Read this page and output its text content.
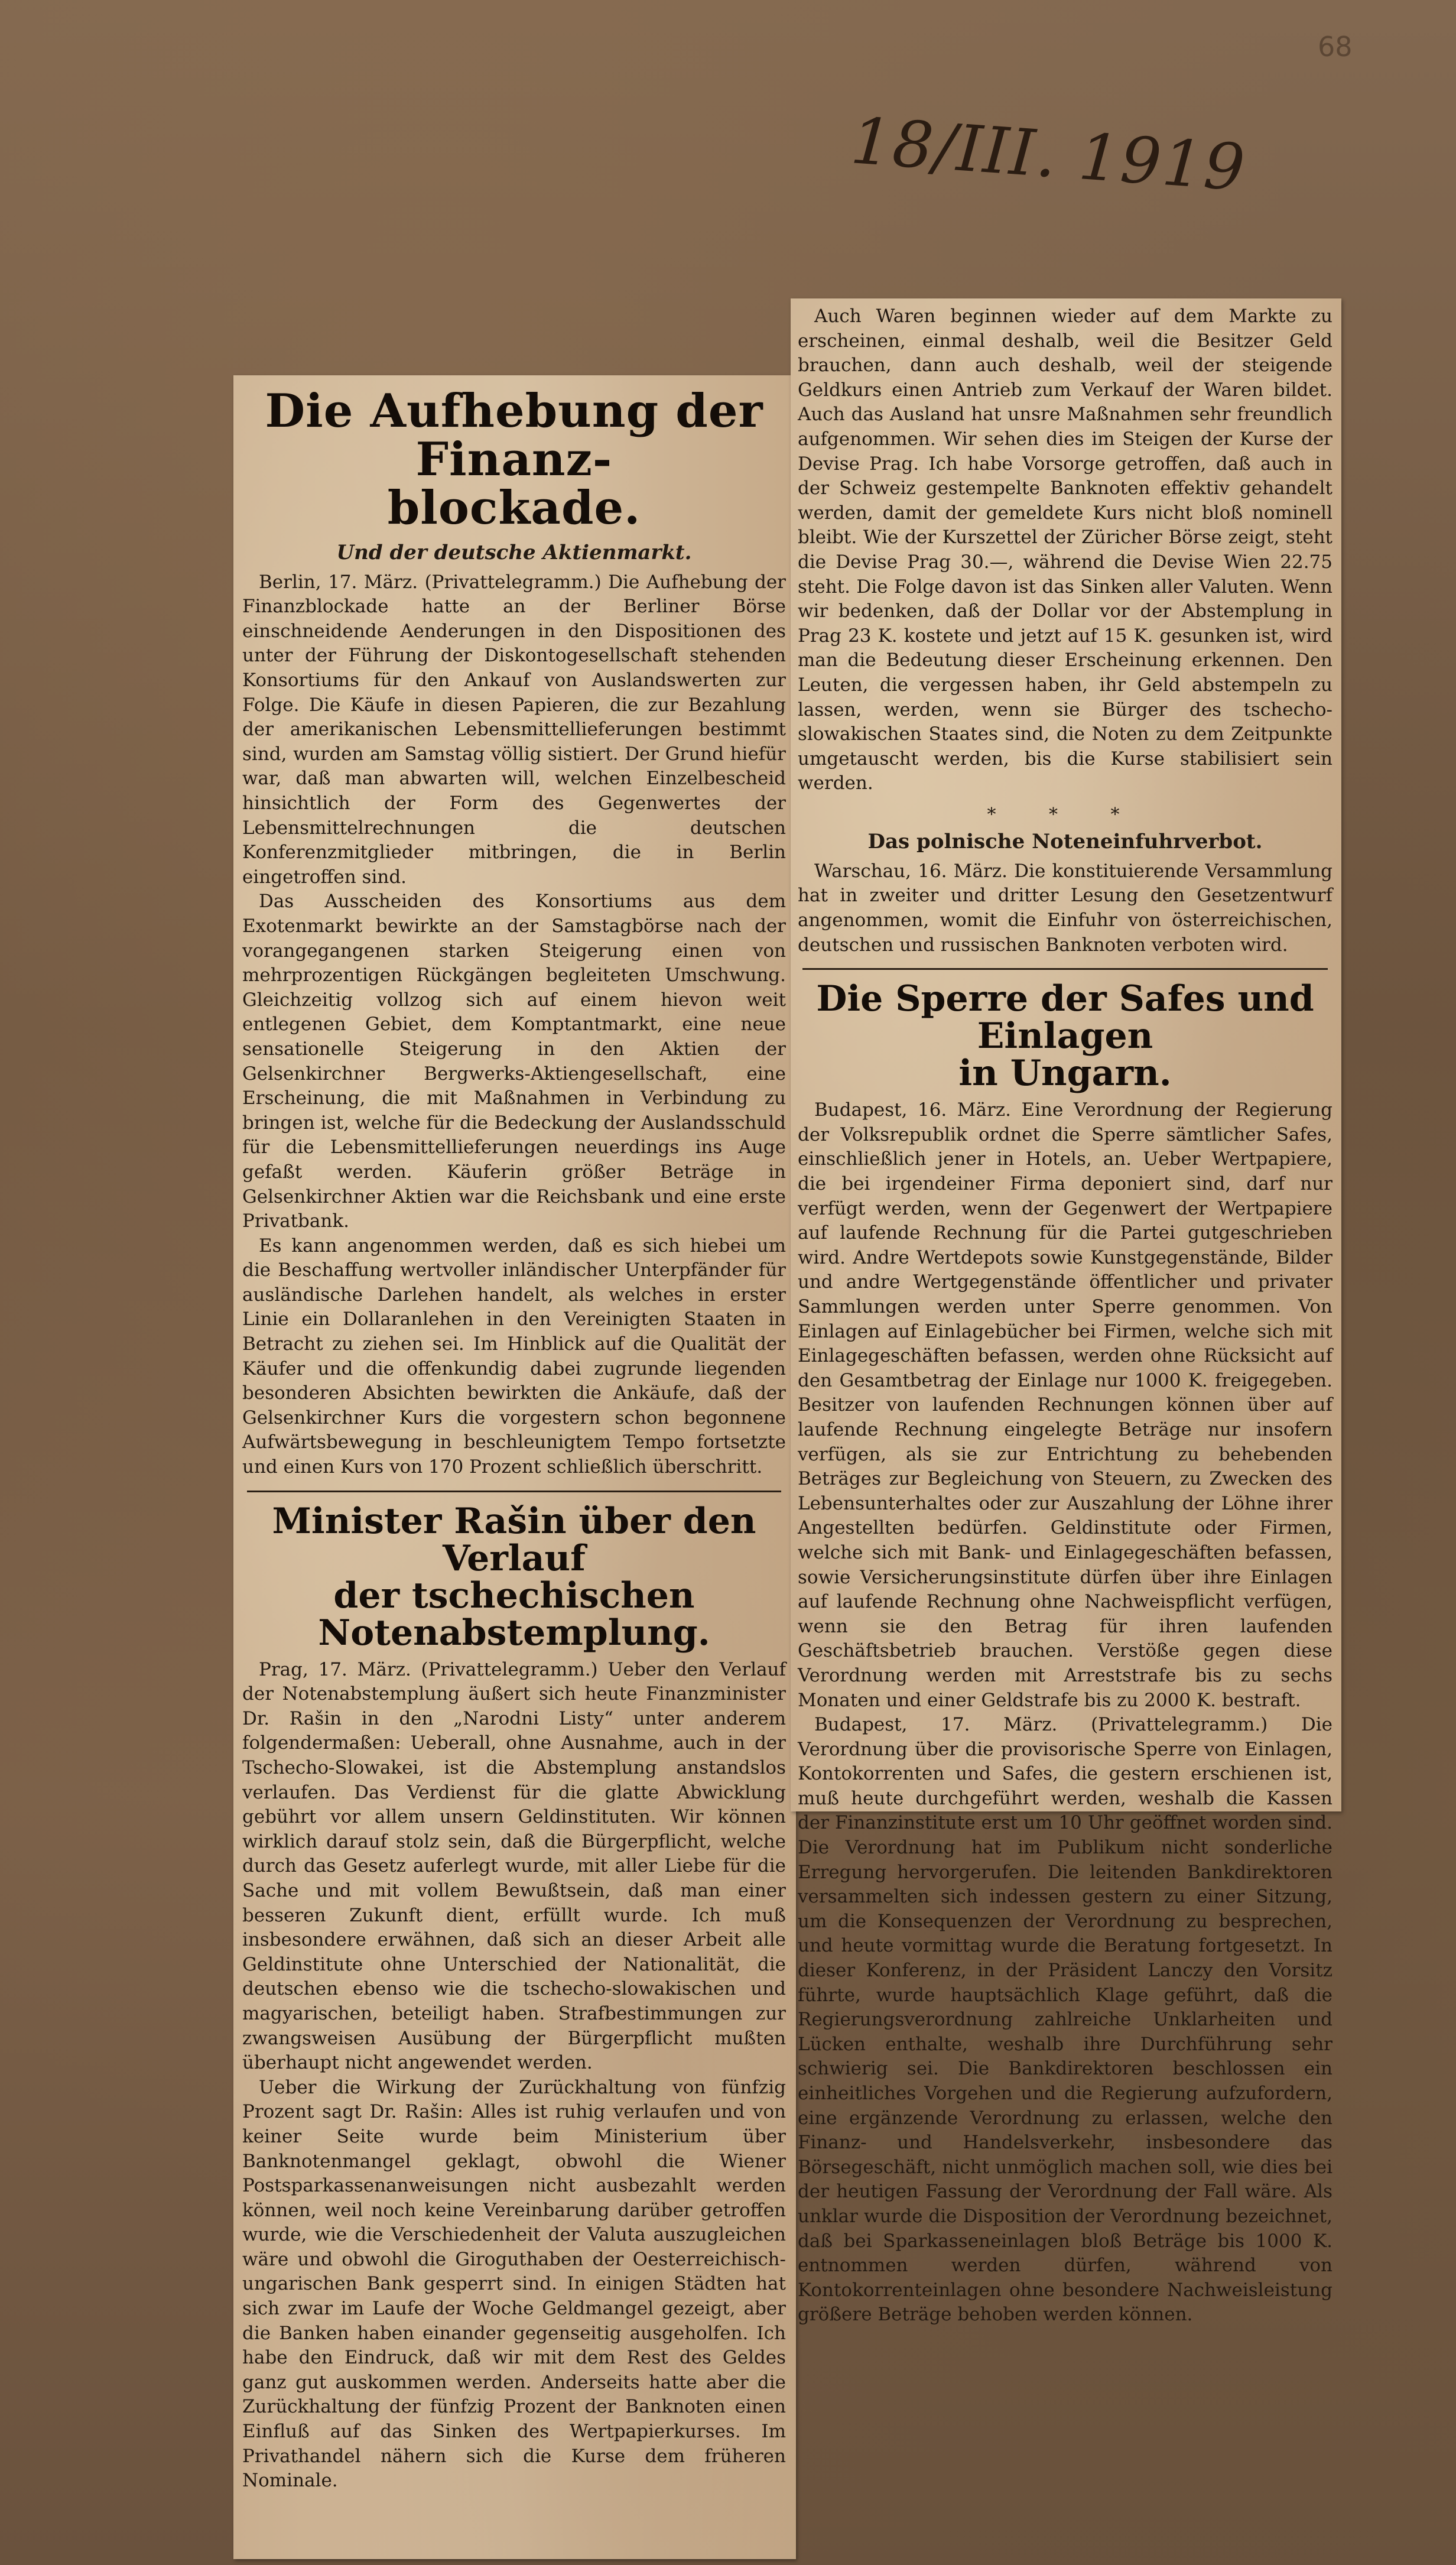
68
18/III. 1919

Die Aufhebung der Finanz-

blockade.

Und der deutsche Aktienmarkt.

Berlin, 17. März. (Privattelegramm.) Die Aufhebung der Finanzblockade hatte an der Berliner Börse einschneidende Aenderungen in den Dispositionen des unter der Führung der Diskontogesellschaft stehenden Konsortiums für den Ankauf von Auslandswerten zur Folge. Die Käufe in diesen Papieren, die zur Bezahlung der amerikanischen Lebensmittellieferungen bestimmt sind, wurden am Samstag völlig sistiert. Der Grund hiefür war, daß man abwarten will, welchen Einzelbescheid hinsichtlich der Form des Gegenwertes der Lebensmittelrechnungen die deutschen Konferenzmitglieder mitbringen, die in Berlin eingetroffen sind.

Das Ausscheiden des Konsortiums aus dem Exotenmarkt bewirkte an der Samstagbörse nach der vorangegangenen starken Steigerung einen von mehrprozentigen Rückgängen begleiteten Umschwung. Gleichzeitig vollzog sich auf einem hievon weit entlegenen Gebiet, dem Komptantmarkt, eine neue sensationelle Steigerung in den Aktien der Gelsenkirchner Bergwerks-Aktiengesellschaft, eine Erscheinung, die mit Maßnahmen in Verbindung zu bringen ist, welche für die Bedeckung der Auslandsschuld für die Lebensmittellieferungen neuerdings ins Auge gefaßt werden. Käuferin größer Beträge in Gelsenkirchner Aktien war die Reichsbank und eine erste Privatbank.

Es kann angenommen werden, daß es sich hiebei um die Beschaffung wertvoller inländischer Unterpfänder für ausländische Darlehen handelt, als welches in erster Linie ein Dollaranlehen in den Vereinigten Staaten in Betracht zu ziehen sei. Im Hinblick auf die Qualität der Käufer und die offenkundig dabei zugrunde liegenden besonderen Absichten bewirkten die Ankäufe, daß der Gelsenkirchner Kurs die vorgestern schon begonnene Aufwärtsbewegung in beschleunigtem Tempo fortsetzte und einen Kurs von 170 Prozent schließlich überschritt.

Minister Rašin über den Verlauf

der tschechischen Notenabstemplung.

Prag, 17. März. (Privattelegramm.) Ueber den Verlauf der Notenabstemplung äußert sich heute Finanzminister Dr. Rašin in den „Narodni Listy“ unter anderem folgendermaßen: Ueberall, ohne Ausnahme, auch in der Tschecho-Slowakei, ist die Abstemplung anstandslos verlaufen. Das Verdienst für die glatte Abwicklung gebührt vor allem unsern Geldinstituten. Wir können wirklich darauf stolz sein, daß die Bürgerpflicht, welche durch das Gesetz auferlegt wurde, mit aller Liebe für die Sache und mit vollem Bewußtsein, daß man einer besseren Zukunft dient, erfüllt wurde. Ich muß insbesondere erwähnen, daß sich an dieser Arbeit alle Geldinstitute ohne Unterschied der Nationalität, die deutschen ebenso wie die tschecho-slowakischen und magyarischen, beteiligt haben. Strafbestimmungen zur zwangsweisen Ausübung der Bürgerpflicht mußten überhaupt nicht angewendet werden.

Ueber die Wirkung der Zurückhaltung von fünfzig Prozent sagt Dr. Rašin: Alles ist ruhig verlaufen und von keiner Seite wurde beim Ministerium über Banknotenmangel geklagt, obwohl die Wiener Postsparkassenanweisungen nicht ausbezahlt werden können, weil noch keine Vereinbarung darüber getroffen wurde, wie die Verschiedenheit der Valuta auszugleichen wäre und obwohl die Giroguthaben der Oesterreichisch-ungarischen Bank gesperrt sind. In einigen Städten hat sich zwar im Laufe der Woche Geldmangel gezeigt, aber die Banken haben einander gegenseitig ausgeholfen. Ich habe den Eindruck, daß wir mit dem Rest des Geldes ganz gut auskommen werden. Anderseits hatte aber die Zurückhaltung der fünfzig Prozent der Banknoten einen Einfluß auf das Sinken des Wertpapierkurses. Im Privathandel nähern sich die Kurse dem früheren Nominale.

Auch Waren beginnen wieder auf dem Markte zu erscheinen, einmal deshalb, weil die Besitzer Geld brauchen, dann auch deshalb, weil der steigende Geldkurs einen Antrieb zum Verkauf der Waren bildet. Auch das Ausland hat unsre Maßnahmen sehr freundlich aufgenommen. Wir sehen dies im Steigen der Kurse der Devise Prag. Ich habe Vorsorge getroffen, daß auch in der Schweiz gestempelte Banknoten effektiv gehandelt werden, damit der gemeldete Kurs nicht bloß nominell bleibt. Wie der Kurszettel der Züricher Börse zeigt, steht die Devise Prag 30.—, während die Devise Wien 22.75 steht. Die Folge davon ist das Sinken aller Valuten. Wenn wir bedenken, daß der Dollar vor der Abstemplung in Prag 23 K. kostete und jetzt auf 15 K. gesunken ist, wird man die Bedeutung dieser Erscheinung erkennen. Den Leuten, die vergessen haben, ihr Geld abstempeln zu lassen, werden, wenn sie Bürger des tschecho-slowakischen Staates sind, die Noten zu dem Zeitpunkte umgetauscht werden, bis die Kurse stabilisiert sein werden.

* * *

Das polnische Noteneinfuhrverbot.

Warschau, 16. März. Die konstituierende Versammlung hat in zweiter und dritter Lesung den Gesetzentwurf angenommen, womit die Einfuhr von österreichischen, deutschen und russischen Banknoten verboten wird.

Die Sperre der Safes und Einlagen

in Ungarn.

Budapest, 16. März. Eine Verordnung der Regierung der Volksrepublik ordnet die Sperre sämtlicher Safes, einschließlich jener in Hotels, an. Ueber Wertpapiere, die bei irgendeiner Firma deponiert sind, darf nur verfügt werden, wenn der Gegenwert der Wertpapiere auf laufende Rechnung für die Partei gutgeschrieben wird. Andre Wertdepots sowie Kunstgegenstände, Bilder und andre Wertgegenstände öffentlicher und privater Sammlungen werden unter Sperre genommen. Von Einlagen auf Einlagebücher bei Firmen, welche sich mit Einlagegeschäften befassen, werden ohne Rücksicht auf den Gesamtbetrag der Einlage nur 1000 K. freigegeben. Besitzer von laufenden Rechnungen können über auf laufende Rechnung eingelegte Beträge nur insofern verfügen, als sie zur Entrichtung zu behebenden Beträges zur Begleichung von Steuern, zu Zwecken des Lebensunterhaltes oder zur Auszahlung der Löhne ihrer Angestellten bedürfen. Geldinstitute oder Firmen, welche sich mit Bank- und Einlagegeschäften befassen, sowie Versicherungsinstitute dürfen über ihre Einlagen auf laufende Rechnung ohne Nachweispflicht verfügen, wenn sie den Betrag für ihren laufenden Geschäftsbetrieb brauchen. Verstöße gegen diese Verordnung werden mit Arreststrafe bis zu sechs Monaten und einer Geldstrafe bis zu 2000 K. bestraft.

Budapest, 17. März. (Privattelegramm.) Die Verordnung über die provisorische Sperre von Einlagen, Kontokorrenten und Safes, die gestern erschienen ist, muß heute durchgeführt werden, weshalb die Kassen der Finanzinstitute erst um 10 Uhr geöffnet worden sind. Die Verordnung hat im Publikum nicht sonderliche Erregung hervorgerufen. Die leitenden Bankdirektoren versammelten sich indessen gestern zu einer Sitzung, um die Konsequenzen der Verordnung zu besprechen, und heute vormittag wurde die Beratung fortgesetzt. In dieser Konferenz, in der Präsident Lanczy den Vorsitz führte, wurde hauptsächlich Klage geführt, daß die Regierungsverordnung zahlreiche Unklarheiten und Lücken enthalte, weshalb ihre Durchführung sehr schwierig sei. Die Bankdirektoren beschlossen ein einheitliches Vorgehen und die Regierung aufzufordern, eine ergänzende Verordnung zu erlassen, welche den Finanz- und Handelsverkehr, insbesondere das Börsegeschäft, nicht unmöglich machen soll, wie dies bei der heutigen Fassung der Verordnung der Fall wäre. Als unklar wurde die Disposition der Verordnung bezeichnet, daß bei Sparkasseneinlagen bloß Beträge bis 1000 K. entnommen werden dürfen, während von Kontokorrenteinlagen ohne besondere Nachweisleistung größere Beträge behoben werden können.
